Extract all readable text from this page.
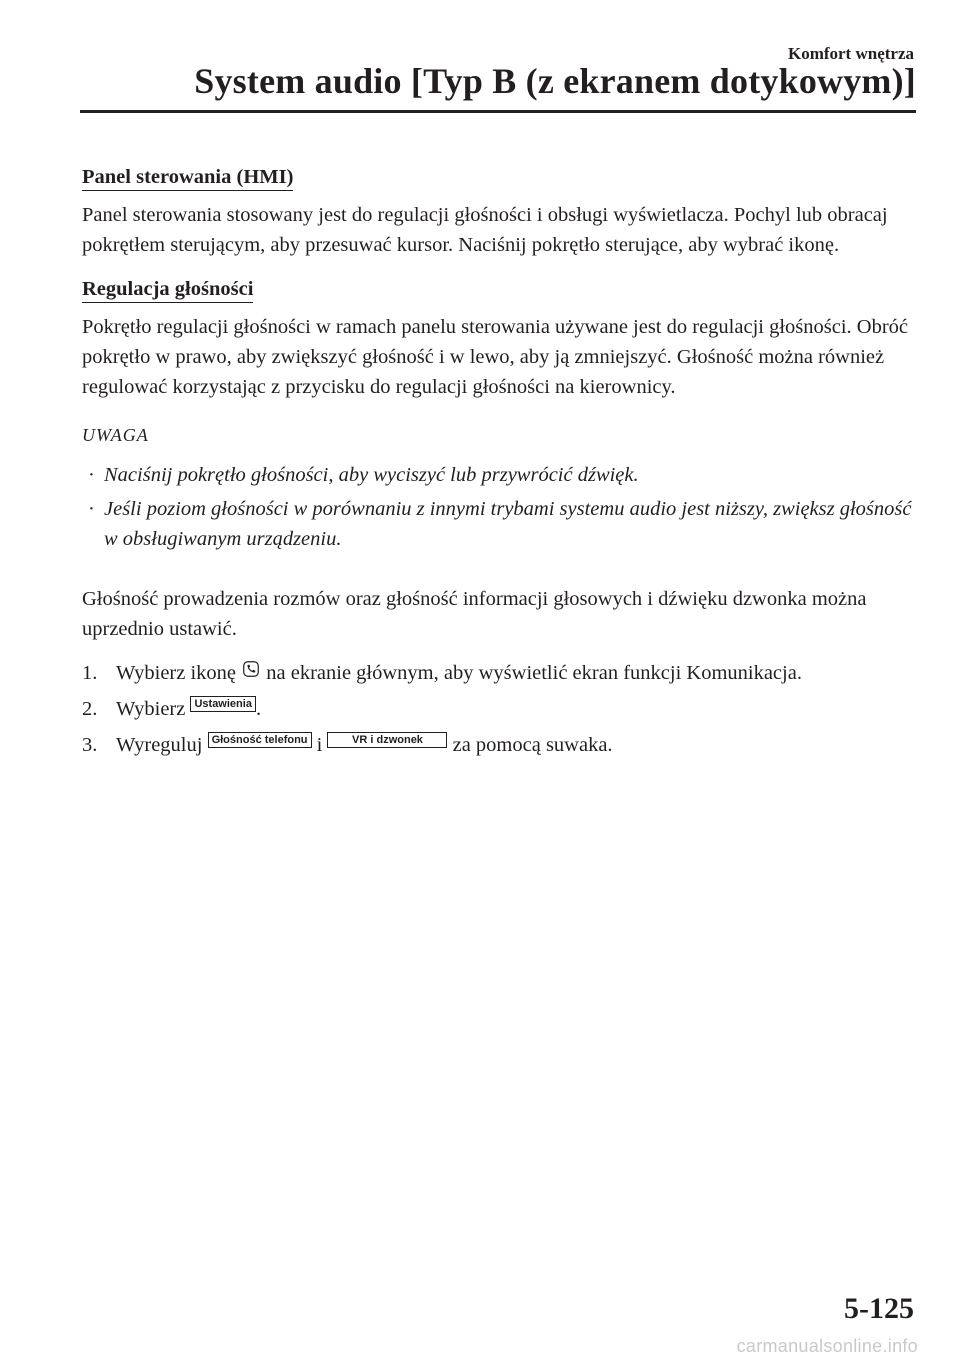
Komfort wnętrza
System audio [Typ B (z ekranem dotykowym)]
Panel sterowania (HMI)

Panel sterowania stosowany jest do regulacji głośności i obsługi wyświetlacza. Pochyl lub obracaj pokrętłem sterującym, aby przesuwać kursor. Naciśnij pokrętło sterujące, aby wybrać ikonę.

Regulacja głośności

Pokrętło regulacji głośności w ramach panelu sterowania używane jest do regulacji głośności. Obróć pokrętło w prawo, aby zwiększyć głośność i w lewo, aby ją zmniejszyć. Głośność można również regulować korzystając z przycisku do regulacji głośności na kierownicy.

UWAGA
· Naciśnij pokrętło głośności, aby wyciszyć lub przywrócić dźwięk.
· Jeśli poziom głośności w porównaniu z innymi trybami systemu audio jest niższy, zwiększ głośność w obsługiwanym urządzeniu.

Głośność prowadzenia rozmów oraz głośność informacji głosowych i dźwięku dzwonka można uprzednio ustawić.

1. Wybierz ikonę na ekranie głównym, aby wyświetlić ekran funkcji Komunikacja.
2. Wybierz Ustawienia .
3. Wyreguluj Głośność telefonu i	VR i dzwonek za pomocą suwaka.
5-125
carmanualsonline.info
